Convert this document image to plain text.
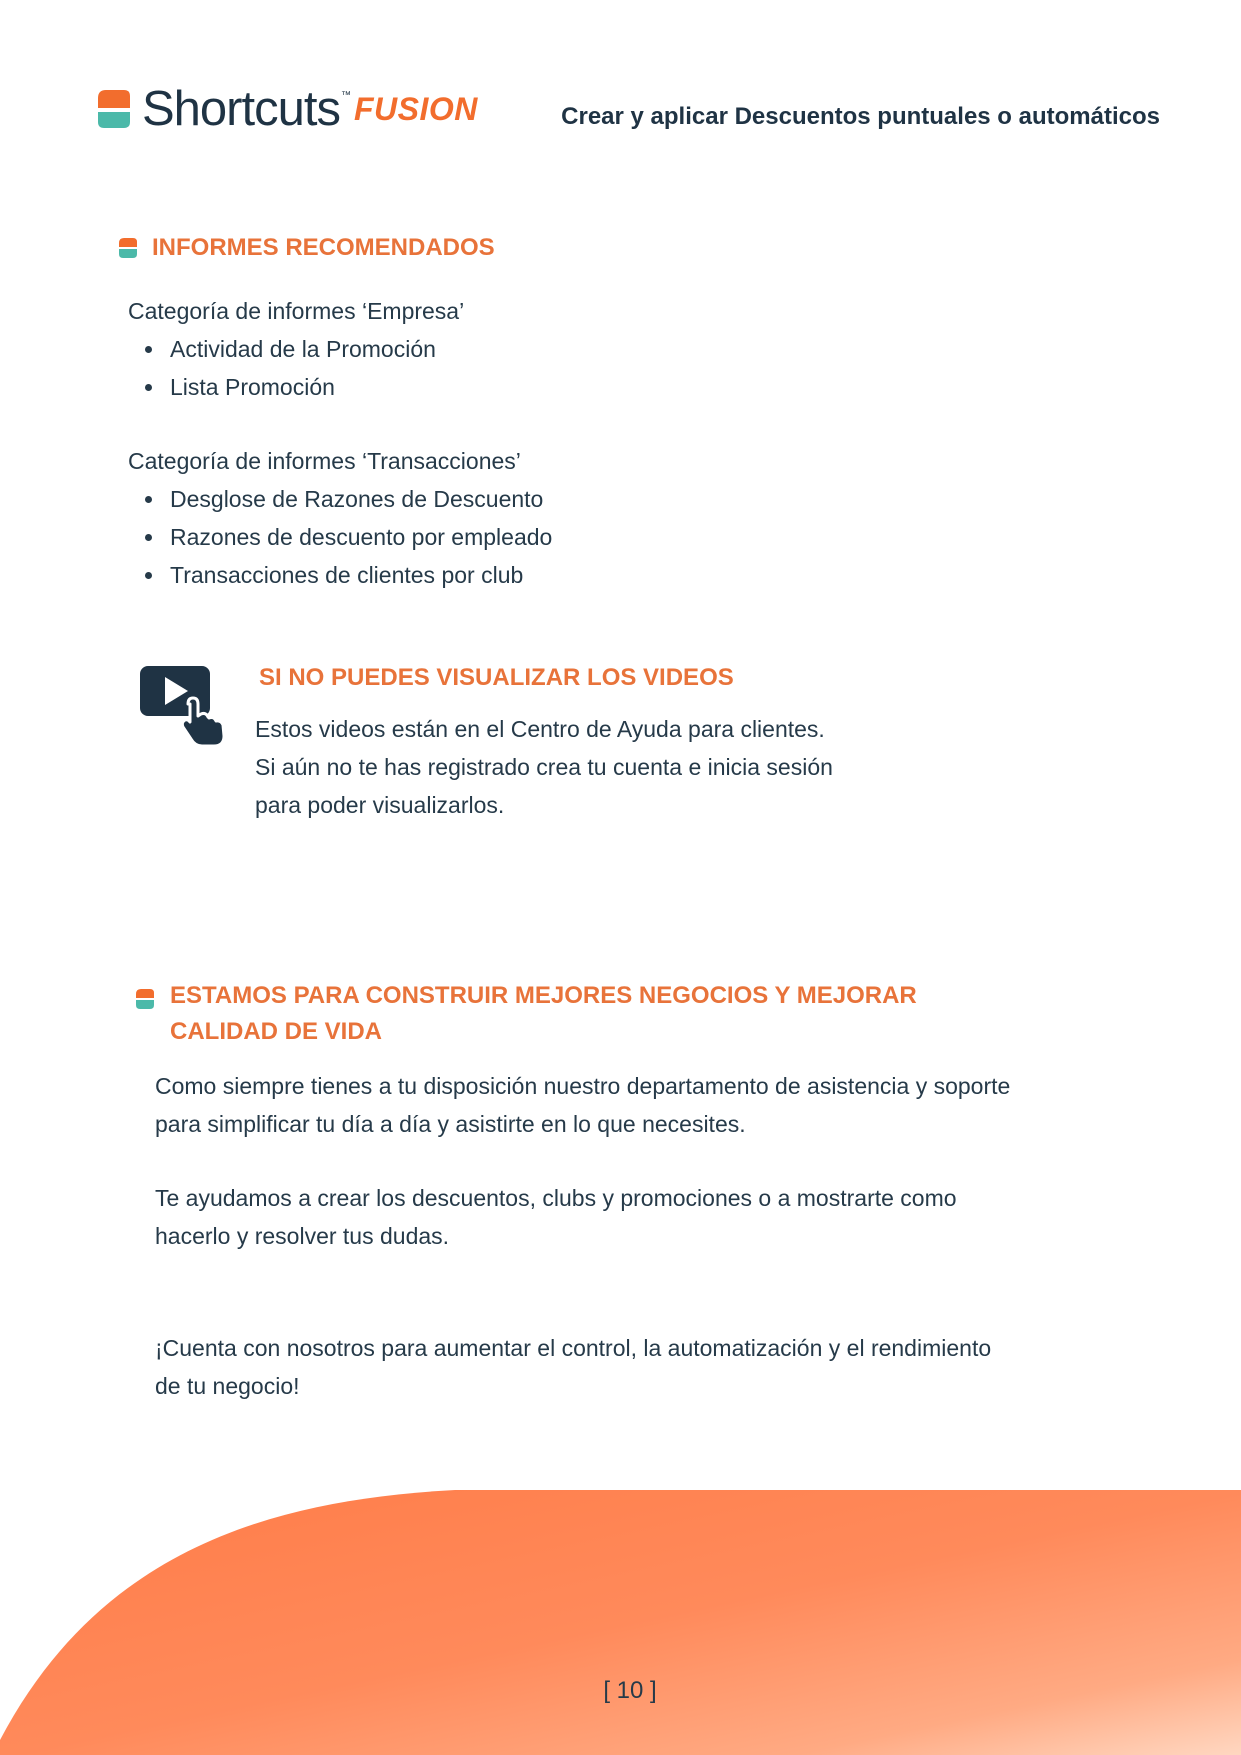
Shortcuts ™ FUSION	Crear y aplicar Descuentos puntuales o automáticos
INFORMES RECOMENDADOS
Categoría de informes ‘Empresa’
Actividad de la Promoción
Lista Promoción
Categoría de informes ‘Transacciones’
Desglose de Razones de Descuento
Razones de descuento por empleado
Transacciones de clientes por club
SI NO PUEDES VISUALIZAR LOS VIDEOS
Estos videos están en el Centro de Ayuda para clientes.
Si aún no te has registrado crea tu cuenta e inicia sesión
para poder visualizarlos.
ESTAMOS PARA CONSTRUIR MEJORES NEGOCIOS Y MEJORAR
CALIDAD DE VIDA

Como siempre tienes a tu disposición nuestro departamento de asistencia y soporte

para simplificar tu día a día y asistirte en lo que necesites.

Te ayudamos a crear los descuentos, clubs y promociones o a mostrarte como

hacerlo y resolver tus dudas.

¡Cuenta con nosotros para aumentar el control, la automatización y el rendimiento

de tu negocio!

[ 10 ]
